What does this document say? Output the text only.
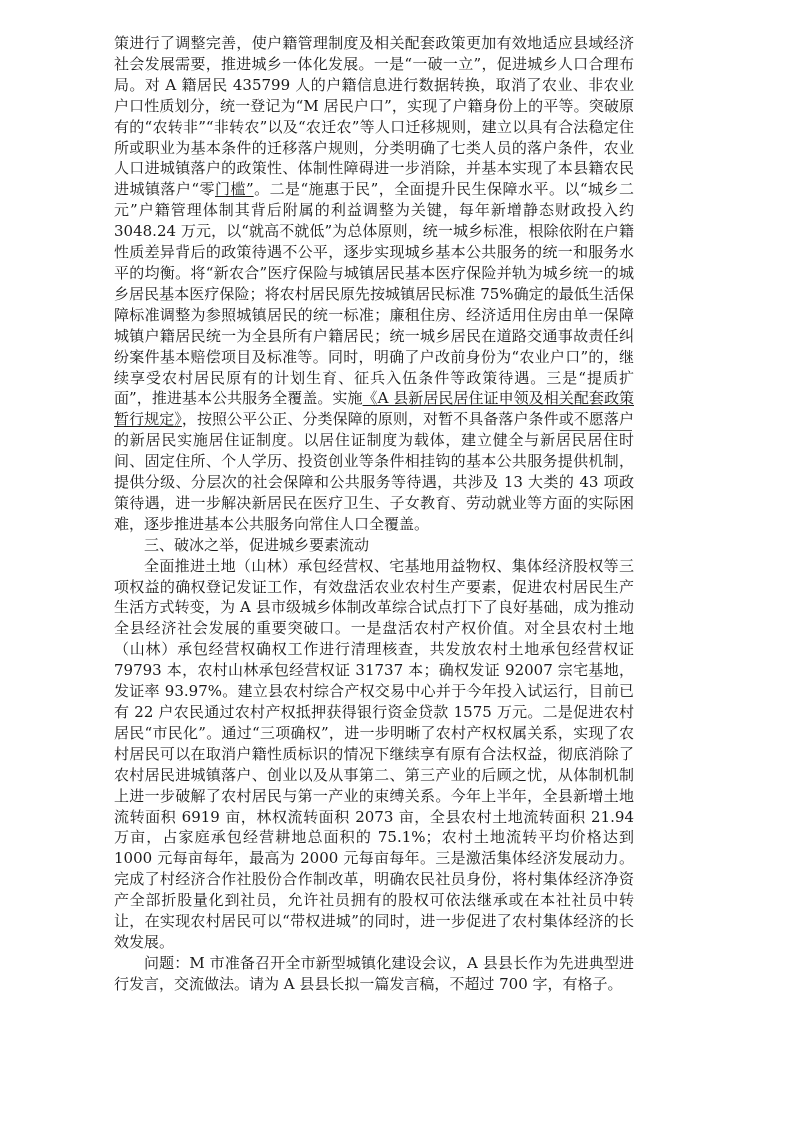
策进行了调整完善，使户籍管理制度及相关配套政策更加有效地适应县域经济社会发展需要，推进城乡一体化发展。一是“一破一立”，促进城乡人口合理布局。对 A 籍居民 435799 人的户籍信息进行数据转换，取消了农业、非农业户口性质划分，统一登记为“M 居民户口”，实现了户籍身份上的平等。突破原有的“农转非”“非转农”以及“农迁农”等人口迁移规则，建立以具有合法稳定住所或职业为基本条件的迁移落户规则，分类明确了七类人员的落户条件，农业人口进城镇落户的政策性、体制性障碍进一步消除，并基本实现了本县籍农民进城镇落户“零门槛”。二是“施惠于民”，全面提升民生保障水平。以“城乡二元”户籍管理体制其背后附属的利益调整为关键，每年新增静态财政投入约 3048.24 万元，以“就高不就低”为总体原则，统一城乡标准，根除依附在户籍性质差异背后的政策待遇不公平，逐步实现城乡基本公共服务的统一和服务水平的均衡。将“新农合”医疗保险与城镇居民基本医疗保险并轨为城乡统一的城乡居民基本医疗保险；将农村居民原先按城镇居民标准 75%确定的最低生活保障标准调整为参照城镇居民的统一标准；廉租住房、经济适用住房由单一保障城镇户籍居民统一为全县所有户籍居民；统一城乡居民在道路交通事故责任纠纷案件基本赔偿项目及标准等。同时，明确了户改前身份为“农业户口”的，继续享受农村居民原有的计划生育、征兵入伍条件等政策待遇。三是“提质扩面”，推进基本公共服务全覆盖。实施《A 县新居民居住证申领及相关配套政策暂行规定》，按照公平公正、分类保障的原则，对暂不具备落户条件或不愿落户的新居民实施居住证制度。以居住证制度为载体，建立健全与新居民居住时间、固定住所、个人学历、投资创业等条件相挂钩的基本公共服务提供机制，提供分级、分层次的社会保障和公共服务等待遇，共涉及 13 大类的 43 项政策待遇，进一步解决新居民在医疗卫生、子女教育、劳动就业等方面的实际困难，逐步推进基本公共服务向常住人口全覆盖。

三、破冰之举，促进城乡要素流动

全面推进土地（山林）承包经营权、宅基地用益物权、集体经济股权等三项权益的确权登记发证工作，有效盘活农业农村生产要素，促进农村居民生产生活方式转变，为 A 县市级城乡体制改革综合试点打下了良好基础，成为推动全县经济社会发展的重要突破口。一是盘活农村产权价值。对全县农村土地（山林）承包经营权确权工作进行清理核查，共发放农村土地承包经营权证 79793 本，农村山林承包经营权证 31737 本；确权发证 92007 宗宅基地，发证率 93.97%。建立县农村综合产权交易中心并于今年投入试运行，目前已有 22 户农民通过农村产权抵押获得银行资金贷款 1575 万元。二是促进农村居民“市民化”。通过“三项确权”，进一步明晰了农村产权权属关系，实现了农村居民可以在取消户籍性质标识的情况下继续享有原有合法权益，彻底消除了农村居民进城镇落户、创业以及从事第二、第三产业的后顾之忧，从体制机制上进一步破解了农村居民与第一产业的束缚关系。今年上半年，全县新增土地流转面积 6919 亩，林权流转面积 2073 亩，全县农村土地流转面积 21.94 万亩，占家庭承包经营耕地总面积的 75.1%；农村土地流转平均价格达到 1000 元每亩每年，最高为 2000 元每亩每年。三是激活集体经济发展动力。完成了村经济合作社股份合作制改革，明确农民社员身份，将村集体经济净资产全部折股量化到社员，允许社员拥有的股权可依法继承或在本社社员中转让，在实现农村居民可以“带权进城”的同时，进一步促进了农村集体经济的长效发展。

问题：M 市准备召开全市新型城镇化建设会议，A 县县长作为先进典型进行发言，交流做法。请为 A 县县长拟一篇发言稿，不超过 700 字，有格子。
